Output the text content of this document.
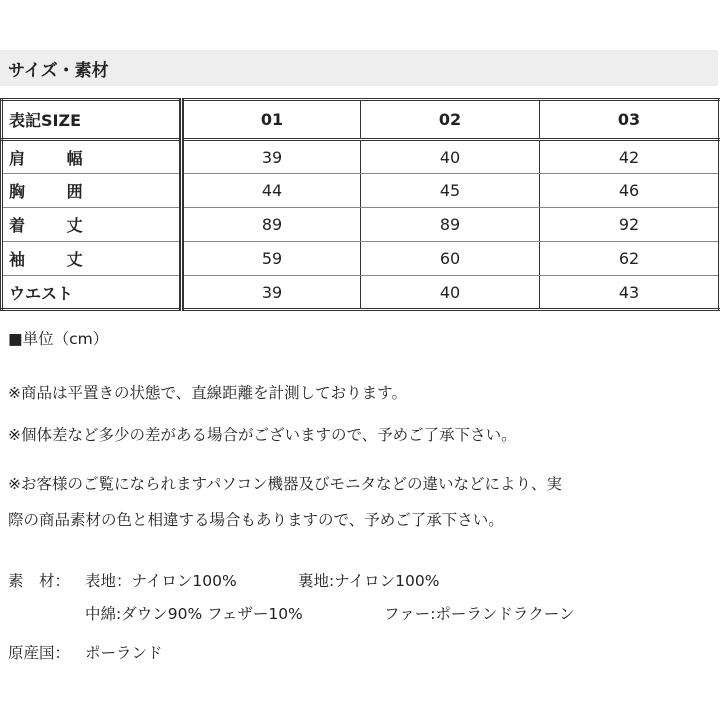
サイズ・素材
表記SIZE	01	02	03
肩 幅	39	40	42
胸 囲	44	45	46
着 丈	89	89	92
袖 丈	59	60	62
ウエスト	39	40	43
■単位（cm）
※商品は平置きの状態で、直線距離を計測しております。
※個体差など多少の差がある場合がございますので、予めご了承下さい。
※お客様のご覧になられますパソコン機器及びモニタなどの違いなどにより、実
際の商品素材の色と相違する場合もありますので、予めご了承下さい。
素　材： 表地：ナイロン100%	裏地:ナイロン100%
中綿:ダウン90% フェザー10%	ファー:ポーランドラクーン
原産国： ポーランド
